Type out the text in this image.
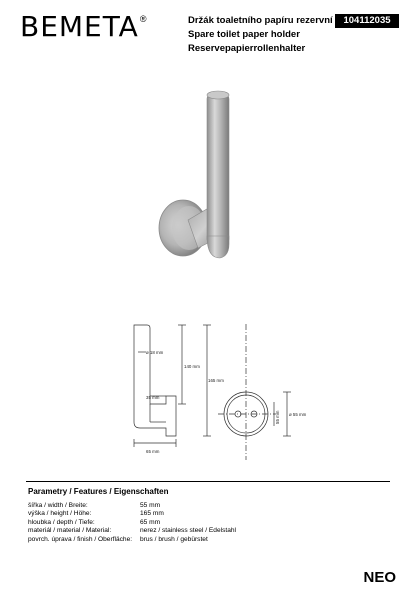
BEMETA ®	Držák toaletního papíru rezervní
Spare toilet paper holder
Reservepapierrollenhalter
104112035
ø 18 mm
140 mm
165 mm
35 mm
65 mm
ø 55 mm
55 mm
Parametry / Features / Eigenschaften
šířka / width / Breite:	55 mm
výška / height / Höhe:	165 mm
hloubka / depth / Tiefe:	65 mm
materiál / material / Material:	nerez / stainless steel / Edelstahl
povrch. úprava / finish / Oberfläche:	brus / brush / gebürstet
NEO
